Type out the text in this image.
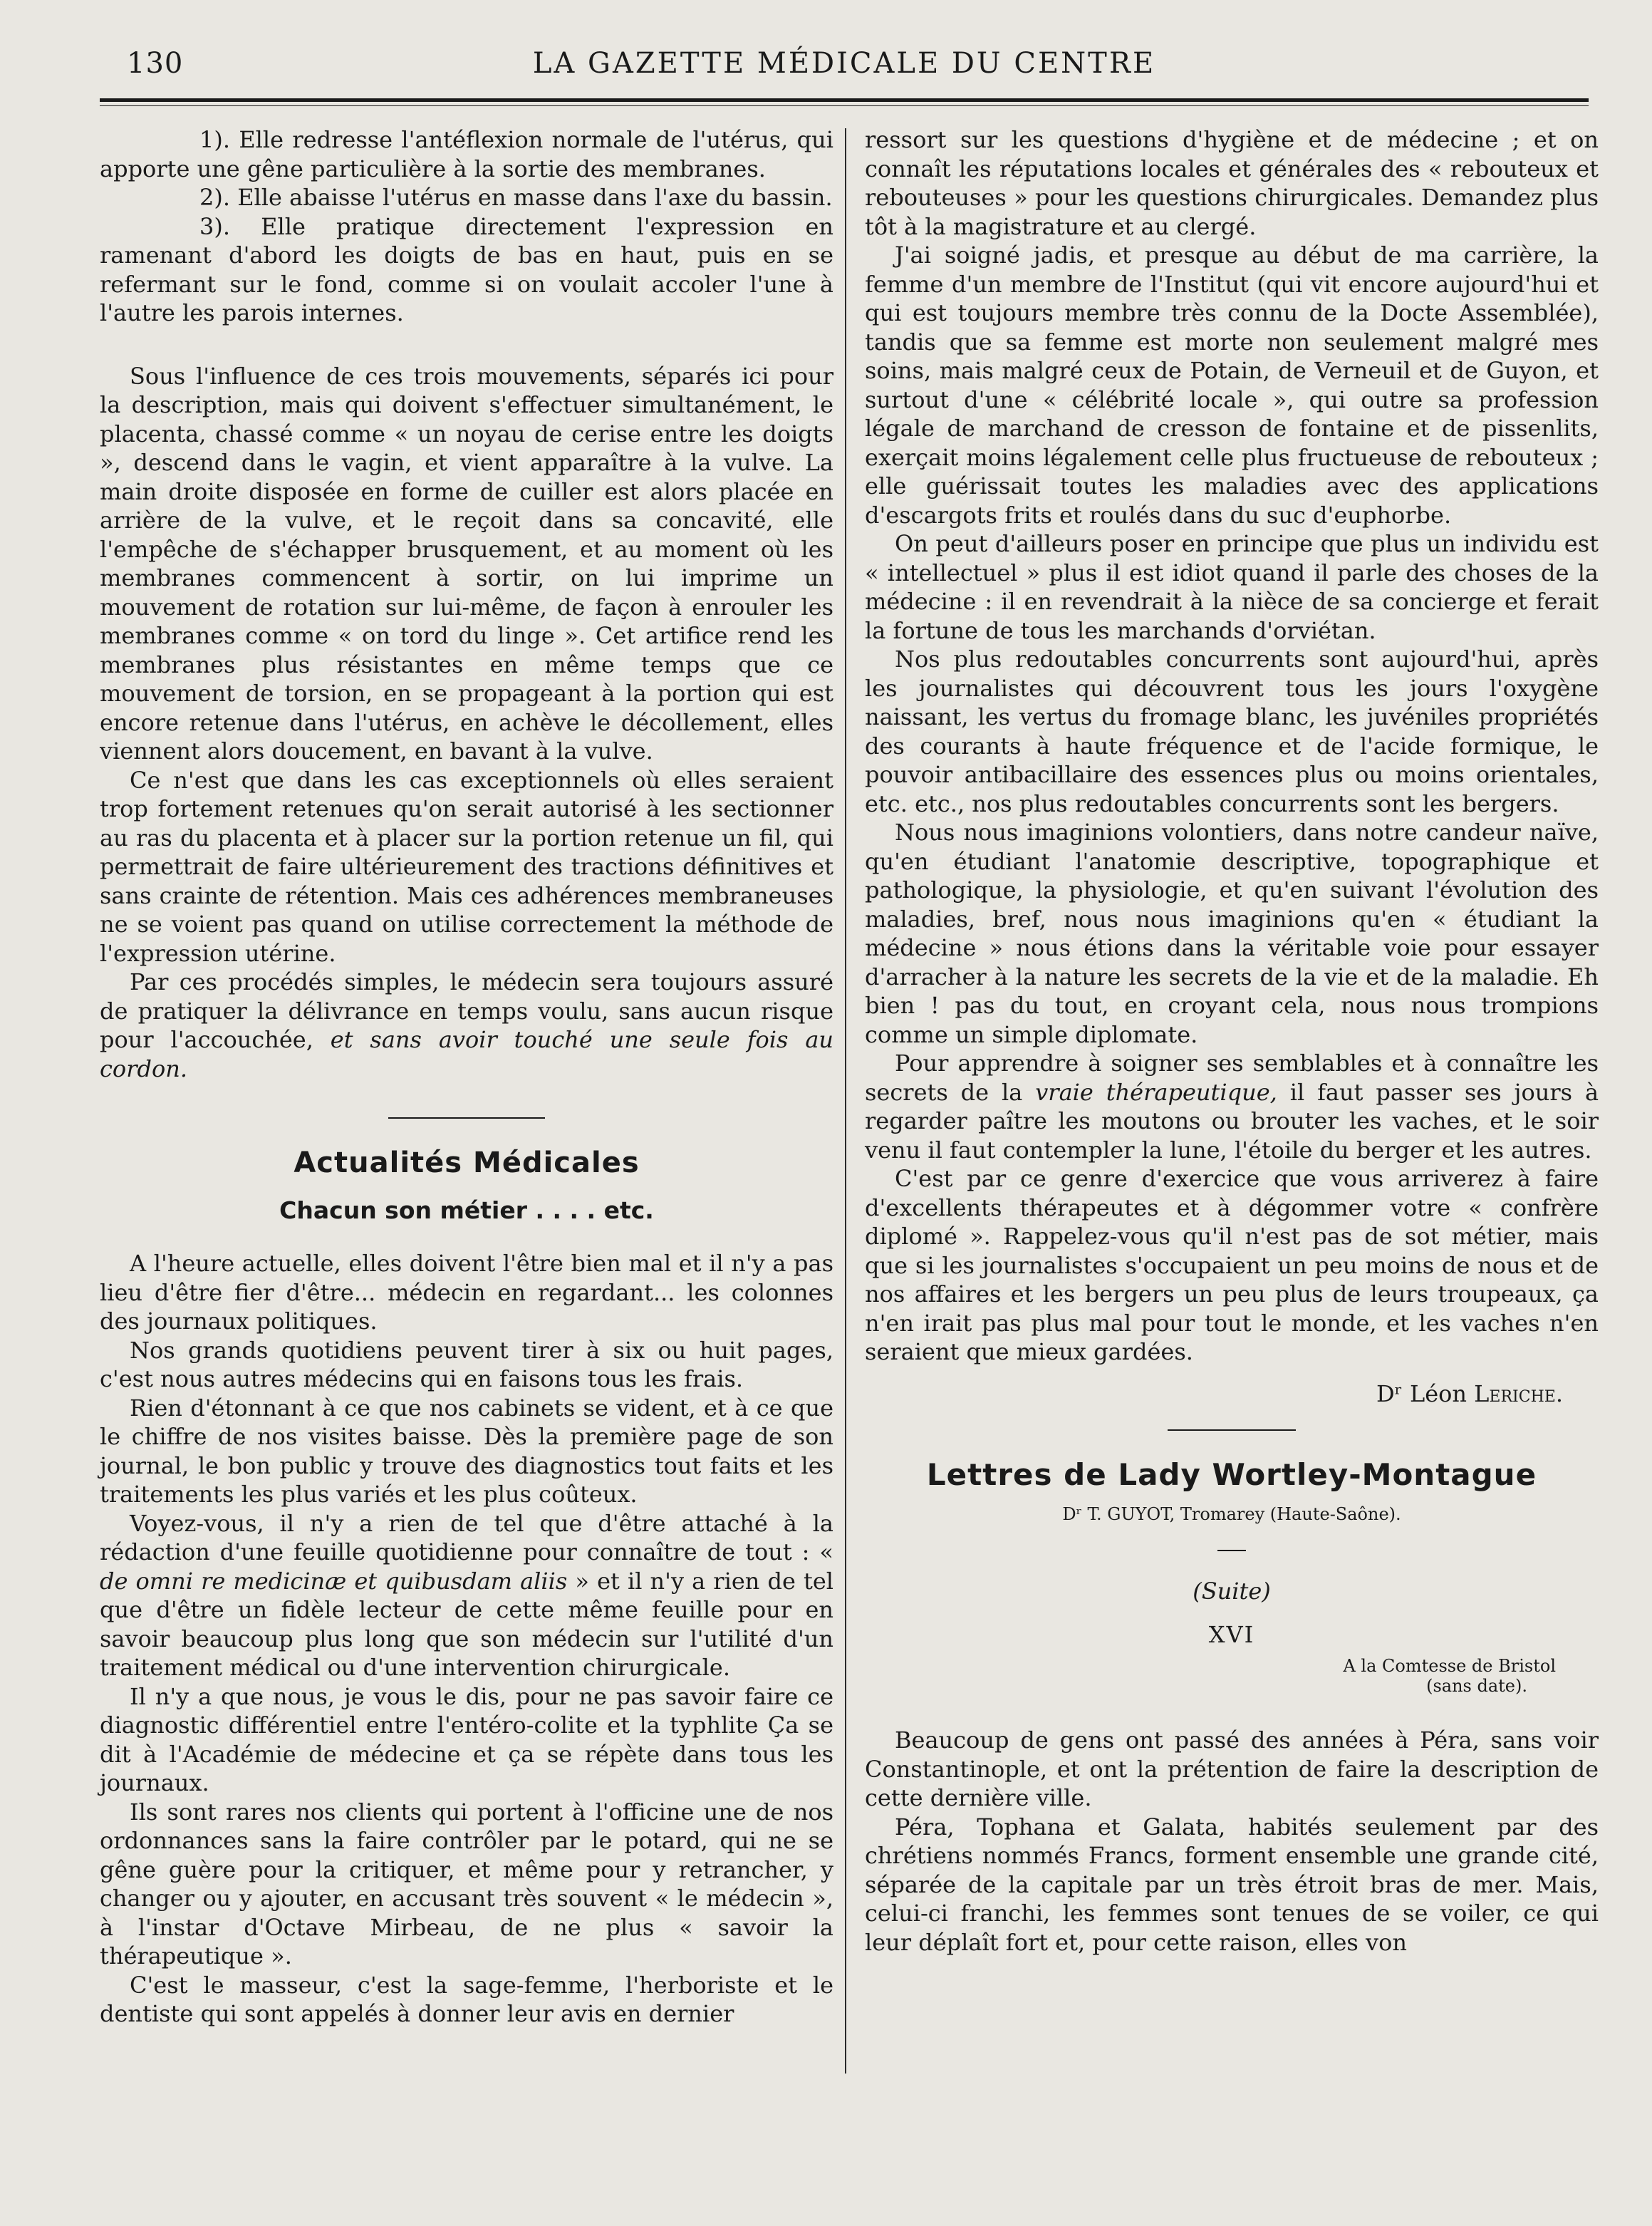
130	LA GAZETTE MÉDICALE DU CENTRE

1). Elle redresse l'antéflexion normale de l'utérus, qui apporte une gêne particulière à la sortie des membranes.

2). Elle abaisse l'utérus en masse dans l'axe du bassin.

3). Elle pratique directement l'expression en ramenant d'abord les doigts de bas en haut, puis en se refermant sur le fond, comme si on voulait accoler l'une à l'autre les parois internes.

Sous l'influence de ces trois mouvements, séparés ici pour la description, mais qui doivent s'effectuer simultanément, le placenta, chassé comme « un noyau de cerise entre les doigts », descend dans le vagin, et vient apparaître à la vulve. La main droite disposée en forme de cuiller est alors placée en arrière de la vulve, et le reçoit dans sa concavité, elle l'empêche de s'échapper brusquement, et au moment où les membranes commencent à sortir, on lui imprime un mouvement de rotation sur lui-même, de façon à enrouler les membranes comme « on tord du linge ». Cet artifice rend les membranes plus résistantes en même temps que ce mouvement de torsion, en se propageant à la portion qui est encore retenue dans l'utérus, en achève le décollement, elles viennent alors doucement, en bavant à la vulve.

Ce n'est que dans les cas exceptionnels où elles seraient trop fortement retenues qu'on serait autorisé à les sectionner au ras du placenta et à placer sur la portion retenue un fil, qui permettrait de faire ultérieurement des tractions définitives et sans crainte de rétention. Mais ces adhérences membraneuses ne se voient pas quand on utilise correctement la méthode de l'expression utérine.

Par ces procédés simples, le médecin sera toujours assuré de pratiquer la délivrance en temps voulu, sans aucun risque pour l'accouchée, et sans avoir touché une seule fois au cordon.

Actualités Médicales
Chacun son métier . . . . etc.

A l'heure actuelle, elles doivent l'être bien mal et il n'y a pas lieu d'être fier d'être... médecin en regardant... les colonnes des journaux politiques.

Nos grands quotidiens peuvent tirer à six ou huit pages, c'est nous autres médecins qui en faisons tous les frais.

Rien d'étonnant à ce que nos cabinets se vident, et à ce que le chiffre de nos visites baisse. Dès la première page de son journal, le bon public y trouve des diagnostics tout faits et les traitements les plus variés et les plus coûteux.

Voyez-vous, il n'y a rien de tel que d'être attaché à la rédaction d'une feuille quotidienne pour connaître de tout : « de omni re medicinæ et quibusdam aliis » et il n'y a rien de tel que d'être un fidèle lecteur de cette même feuille pour en savoir beaucoup plus long que son médecin sur l'utilité d'un traitement médical ou d'une intervention chirurgicale.

Il n'y a que nous, je vous le dis, pour ne pas savoir faire ce diagnostic différentiel entre l'entéro-colite et la typhlite Ça se dit à l'Académie de médecine et ça se répète dans tous les journaux.

Ils sont rares nos clients qui portent à l'officine une de nos ordonnances sans la faire contrôler par le potard, qui ne se gêne guère pour la critiquer, et même pour y retrancher, y changer ou y ajouter, en accusant très souvent « le médecin », à l'instar d'Octave Mirbeau, de ne plus « savoir la thérapeutique ».

C'est le masseur, c'est la sage-femme, l'herboriste et le dentiste qui sont appelés à donner leur avis en dernier

ressort sur les questions d'hygiène et de médecine ; et on connaît les réputations locales et générales des « rebouteux et rebouteuses » pour les questions chirurgicales. Demandez plus tôt à la magistrature et au clergé.

J'ai soigné jadis, et presque au début de ma carrière, la femme d'un membre de l'Institut (qui vit encore aujourd'hui et qui est toujours membre très connu de la Docte Assemblée), tandis que sa femme est morte non seulement malgré mes soins, mais malgré ceux de Potain, de Verneuil et de Guyon, et surtout d'une « célébrité locale », qui outre sa profession légale de marchand de cresson de fontaine et de pissenlits, exerçait moins légalement celle plus fructueuse de rebouteux ; elle guérissait toutes les maladies avec des applications d'escargots frits et roulés dans du suc d'euphorbe.

On peut d'ailleurs poser en principe que plus un individu est « intellectuel » plus il est idiot quand il parle des choses de la médecine : il en revendrait à la nièce de sa concierge et ferait la fortune de tous les marchands d'orviétan.

Nos plus redoutables concurrents sont aujourd'hui, après les journalistes qui découvrent tous les jours l'oxygène naissant, les vertus du fromage blanc, les juvéniles propriétés des courants à haute fréquence et de l'acide formique, le pouvoir antibacillaire des essences plus ou moins orientales, etc. etc., nos plus redoutables concurrents sont les bergers.

Nous nous imaginions volontiers, dans notre candeur naïve, qu'en étudiant l'anatomie descriptive, topographique et pathologique, la physiologie, et qu'en suivant l'évolution des maladies, bref, nous nous imaginions qu'en « étudiant la médecine » nous étions dans la véritable voie pour essayer d'arracher à la nature les secrets de la vie et de la maladie. Eh bien ! pas du tout, en croyant cela, nous nous trompions comme un simple diplomate.

Pour apprendre à soigner ses semblables et à connaître les secrets de la vraie thérapeutique, il faut passer ses jours à regarder paître les moutons ou brouter les vaches, et le soir venu il faut contempler la lune, l'étoile du berger et les autres.

C'est par ce genre d'exercice que vous arriverez à faire d'excellents thérapeutes et à dégommer votre « confrère diplomé ». Rappelez-vous qu'il n'est pas de sot métier, mais que si les journalistes s'occupaient un peu moins de nous et de nos affaires et les bergers un peu plus de leurs troupeaux, ça n'en irait pas plus mal pour tout le monde, et les vaches n'en seraient que mieux gardées.

Dʳ Léon Leriche.
Lettres de Lady Wortley-Montague
Dʳ T. GUYOT, Tromarey (Haute-Saône).
(Suite)
XVI
A la Comtesse de Bristol
(sans date).

Beaucoup de gens ont passé des années à Péra, sans voir Constantinople, et ont la prétention de faire la description de cette dernière ville.

Péra, Tophana et Galata, habités seulement par des chrétiens nommés Francs, forment ensemble une grande cité, séparée de la capitale par un très étroit bras de mer. Mais, celui-ci franchi, les femmes sont tenues de se voiler, ce qui leur déplaît fort et, pour cette raison, elles von
